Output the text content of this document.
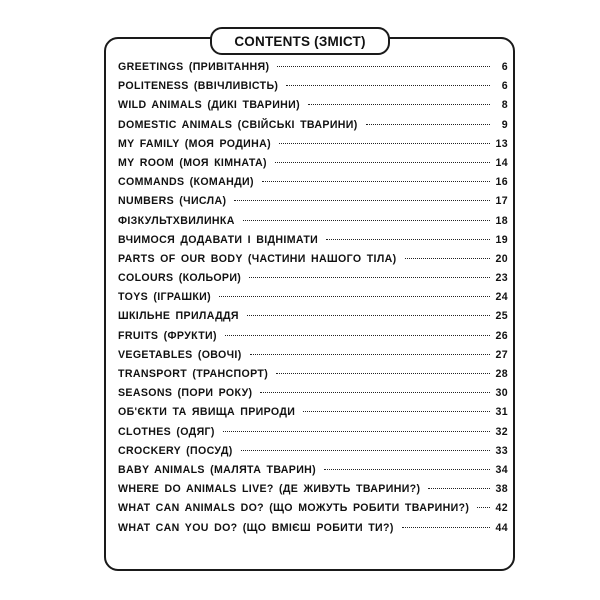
CONTENTS (ЗМІСТ)
GREETINGS (ПРИВІТАННЯ)	6
POLITENESS (ВВІЧЛИВІСТЬ)	6
WILD ANIMALS (ДИКІ ТВАРИНИ)	8
DOMESTIC ANIMALS (СВІЙСЬКІ ТВАРИНИ)	9
MY FAMILY (МОЯ РОДИНА)	13
MY ROOM (МОЯ КІМНАТА)	14
COMMANDS (КОМАНДИ)	16
NUMBERS (ЧИСЛА)	17
ФІЗКУЛЬТХВИЛИНКА	18
ВЧИМОСЯ ДОДАВАТИ І ВІДНІМАТИ	19
PARTS OF OUR BODY (ЧАСТИНИ НАШОГО ТІЛА)	20
COLOURS (КОЛЬОРИ)	23
TOYS (ІГРАШКИ)	24
ШКІЛЬНЕ ПРИЛАДДЯ	25
FRUITS (ФРУКТИ)	26
VEGETABLES (ОВОЧІ)	27
TRANSPORT (ТРАНСПОРТ)	28
SEASONS (ПОРИ РОКУ)	30
ОБ'ЄКТИ ТА ЯВИЩА ПРИРОДИ	31
CLOTHES (ОДЯГ)	32
CROCKERY (ПОСУД)	33
BABY ANIMALS (МАЛЯТА ТВАРИН)	34
WHERE DO ANIMALS LIVE? (ДЕ ЖИВУТЬ ТВАРИНИ?)	38
WHAT CAN ANIMALS DO? (ЩО МОЖУТЬ РОБИТИ ТВАРИНИ?) 42
WHAT CAN YOU DO? (ЩО ВМІЄШ РОБИТИ ТИ?)	44
